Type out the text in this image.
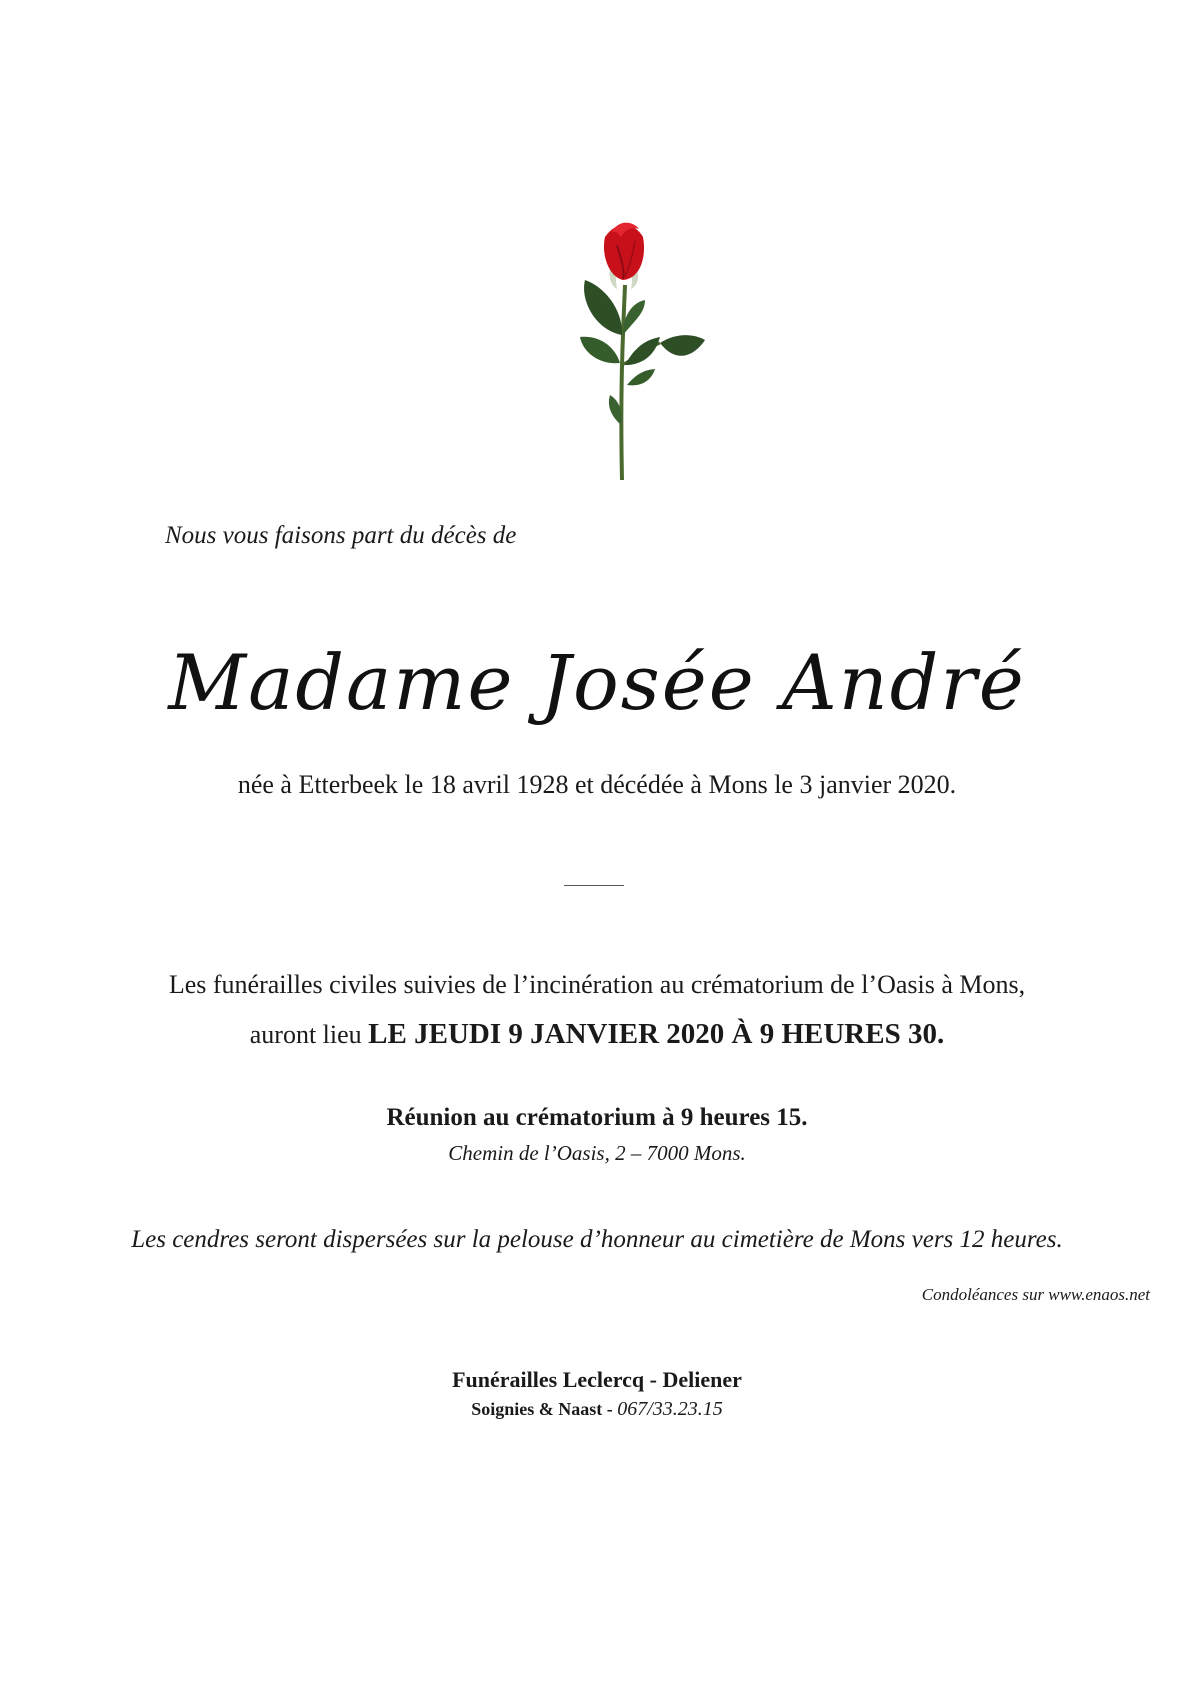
Nous vous faisons part du décès de
Madame Josée André
née à Etterbeek le 18 avril 1928 et décédée à Mons le 3 janvier 2020.
Les funérailles civiles suivies de l’incinération au crématorium de l’Oasis à Mons,
auront lieu LE JEUDI 9 JANVIER 2020 À 9 HEURES 30.
Réunion au crématorium à 9 heures 15.
Chemin de l’Oasis, 2 – 7000 Mons.
Les cendres seront dispersées sur la pelouse d’honneur au cimetière de Mons vers 12 heures.
Condoléances sur www.enaos.net
Funérailles Leclercq - Deliener
Soignies & Naast - 067/33.23.15
